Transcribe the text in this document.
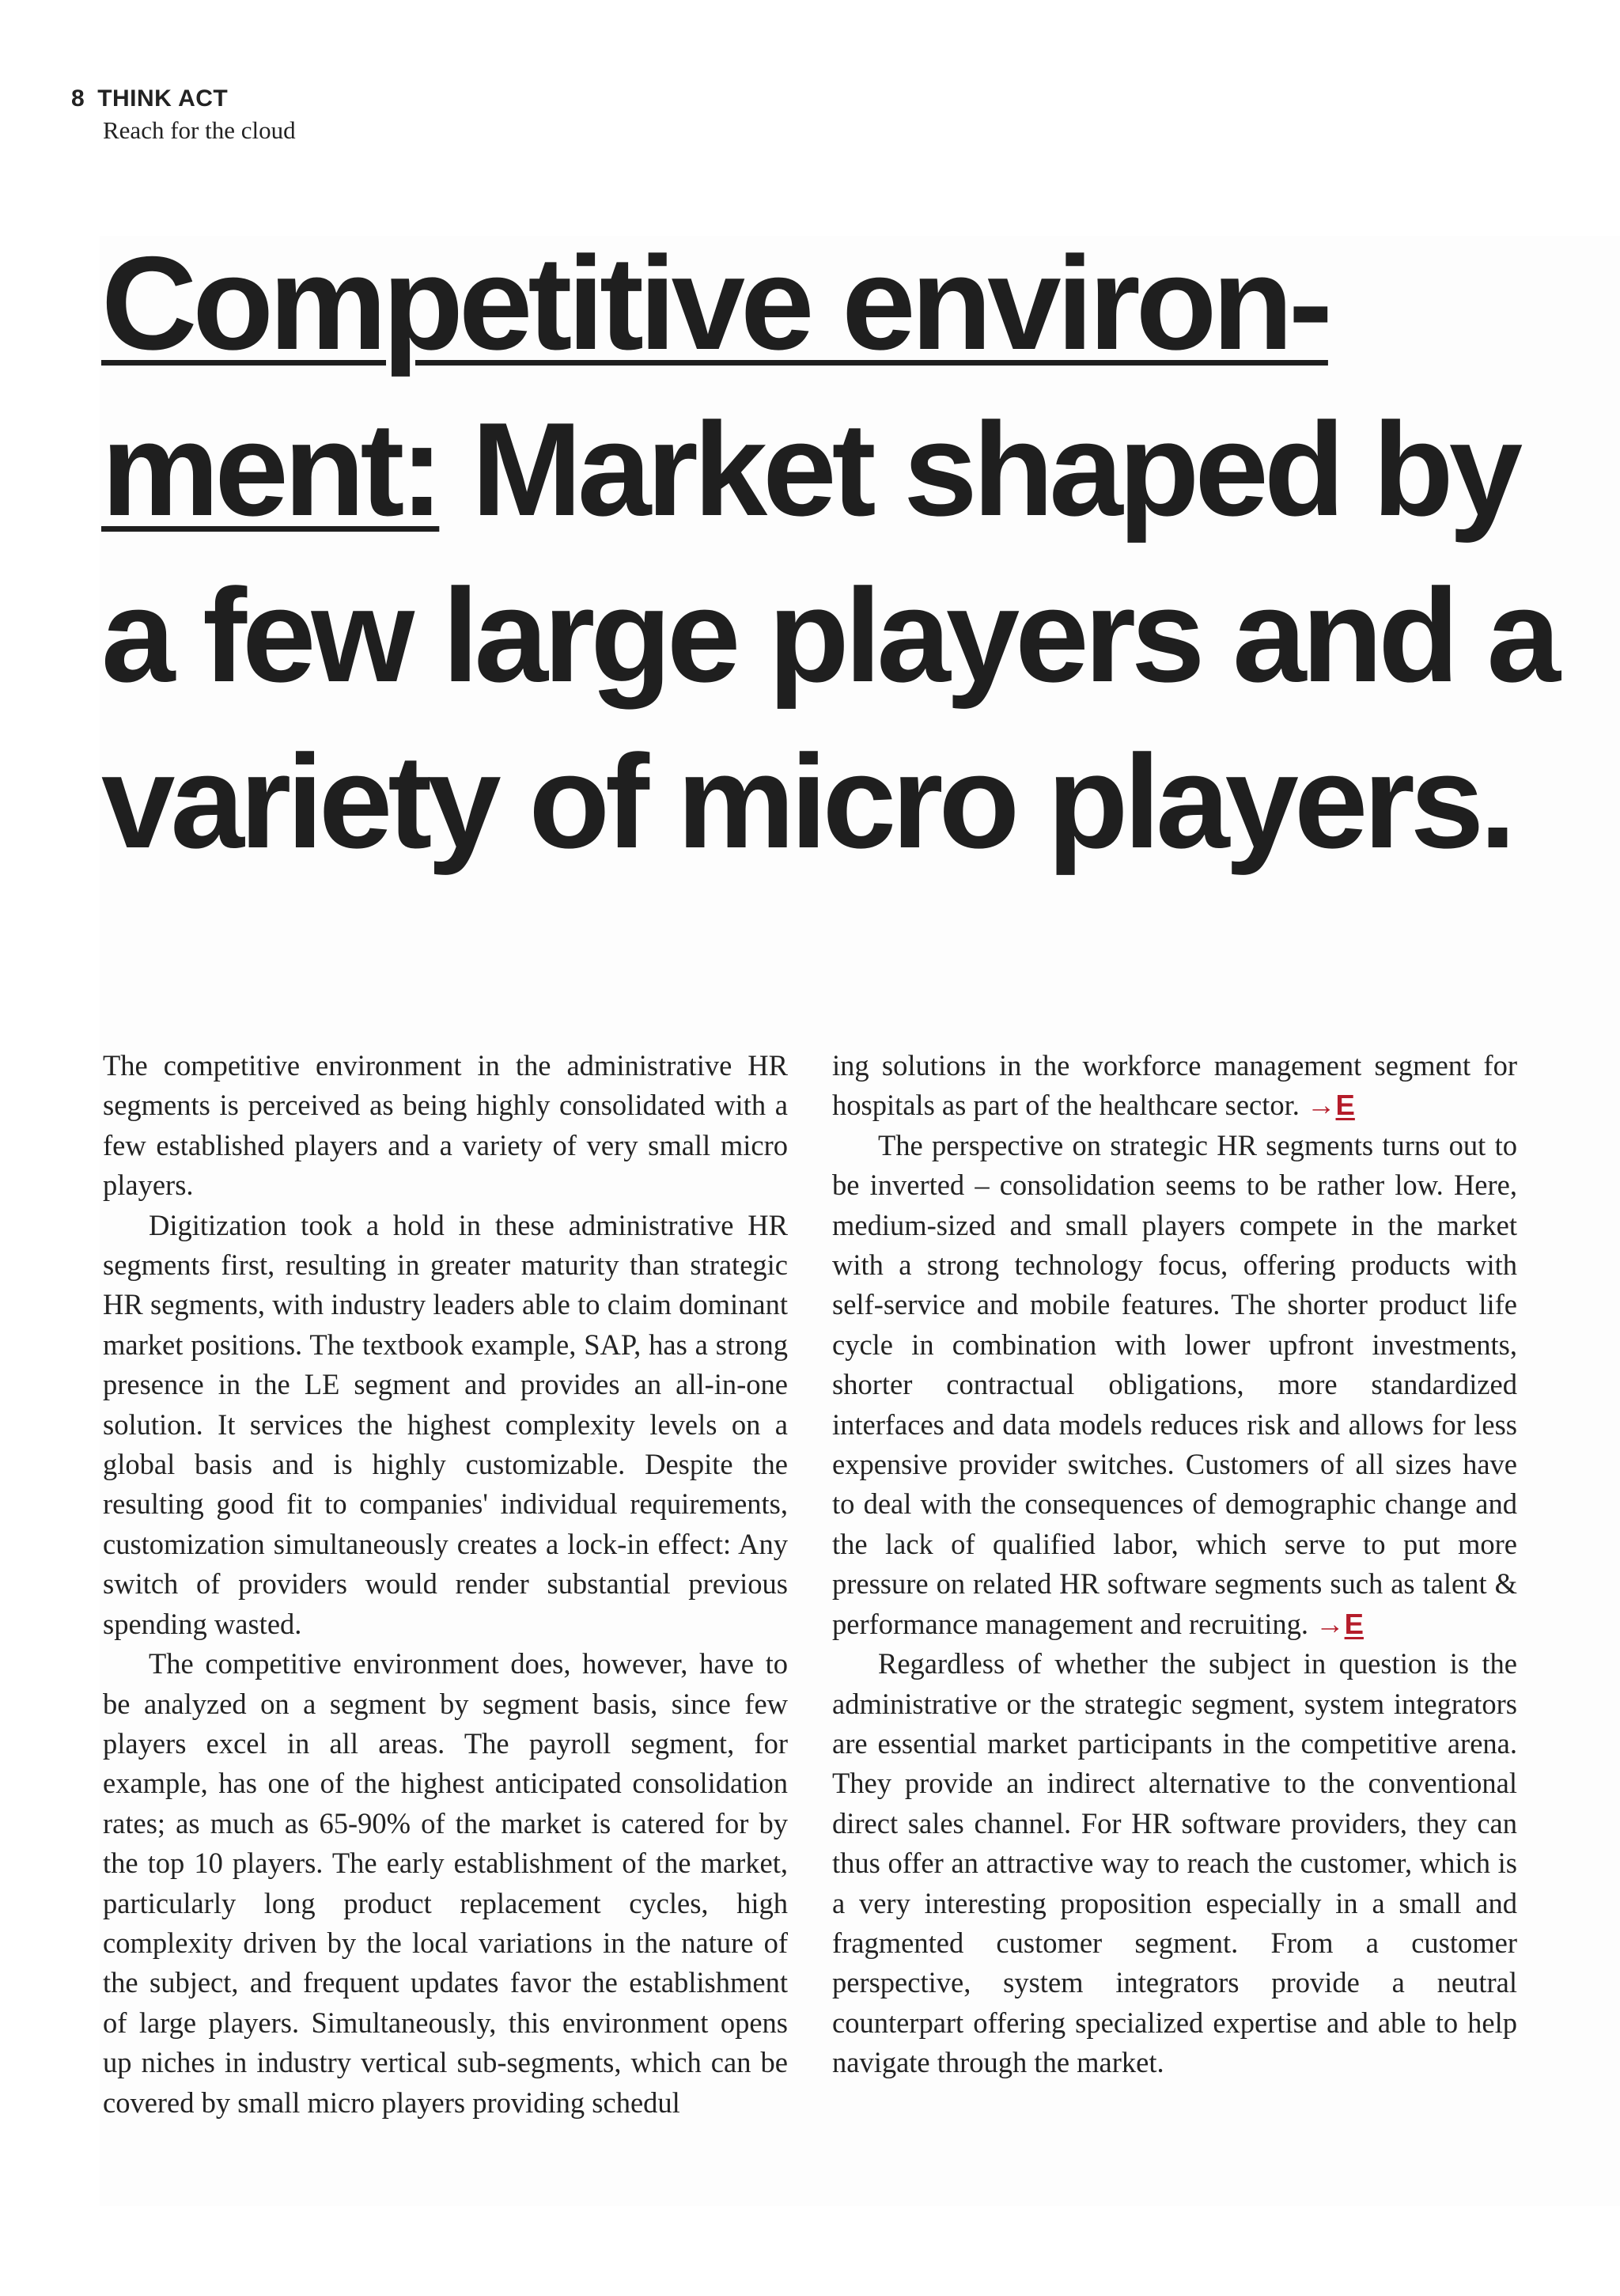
8 THINK ACT
Reach for the cloud
Competitive environ-
ment: Market shaped by
a few large players and a
variety of micro players.

The competitive environment in the administrative HR segments is perceived as being highly consolidated with a few established players and a variety of very small micro players.

Digitization took a hold in these administrative HR segments first, resulting in greater maturity than strategic HR segments, with industry leaders able to claim dominant market positions. The textbook example, SAP, has a strong presence in the LE segment and provides an all-in-one solution. It services the highest complexity levels on a global basis and is highly customizable. Despite the resulting good fit to companies' individual requirements, customization simultaneously creates a lock-in effect: Any switch of providers would render substantial previous spending wasted.

The competitive environment does, however, have to be analyzed on a segment by segment basis, since few players excel in all areas. The payroll segment, for example, has one of the highest anticipated consolidation rates; as much as 65-90% of the market is catered for by the top 10 players. The early establishment of the market, particularly long product replacement cycles, high complexity driven by the local variations in the nature of the subject, and frequent updates favor the establishment of large players. Simultaneously, this environment opens up niches in industry vertical sub-segments, which can be covered by small micro players providing schedul

ing solutions in the workforce management segment for hospitals as part of the healthcare sector. →E

The perspective on strategic HR segments turns out to be inverted – consolidation seems to be rather low. Here, medium-sized and small players compete in the market with a strong technology focus, offering products with self-service and mobile features. The shorter product life cycle in combination with lower upfront investments, shorter contractual obligations, more standardized interfaces and data models reduces risk and allows for less expensive provider switches. Customers of all sizes have to deal with the consequences of demographic change and the lack of qualified labor, which serve to put more pressure on related HR software segments such as talent & performance management and recruiting. →E

Regardless of whether the subject in question is the administrative or the strategic segment, system integrators are essential market participants in the competitive arena. They provide an indirect alternative to the conventional direct sales channel. For HR software providers, they can thus offer an attractive way to reach the customer, which is a very interesting proposition especially in a small and fragmented customer segment. From a customer perspective, system integrators provide a neutral counterpart offering specialized expertise and able to help navigate through the market.
